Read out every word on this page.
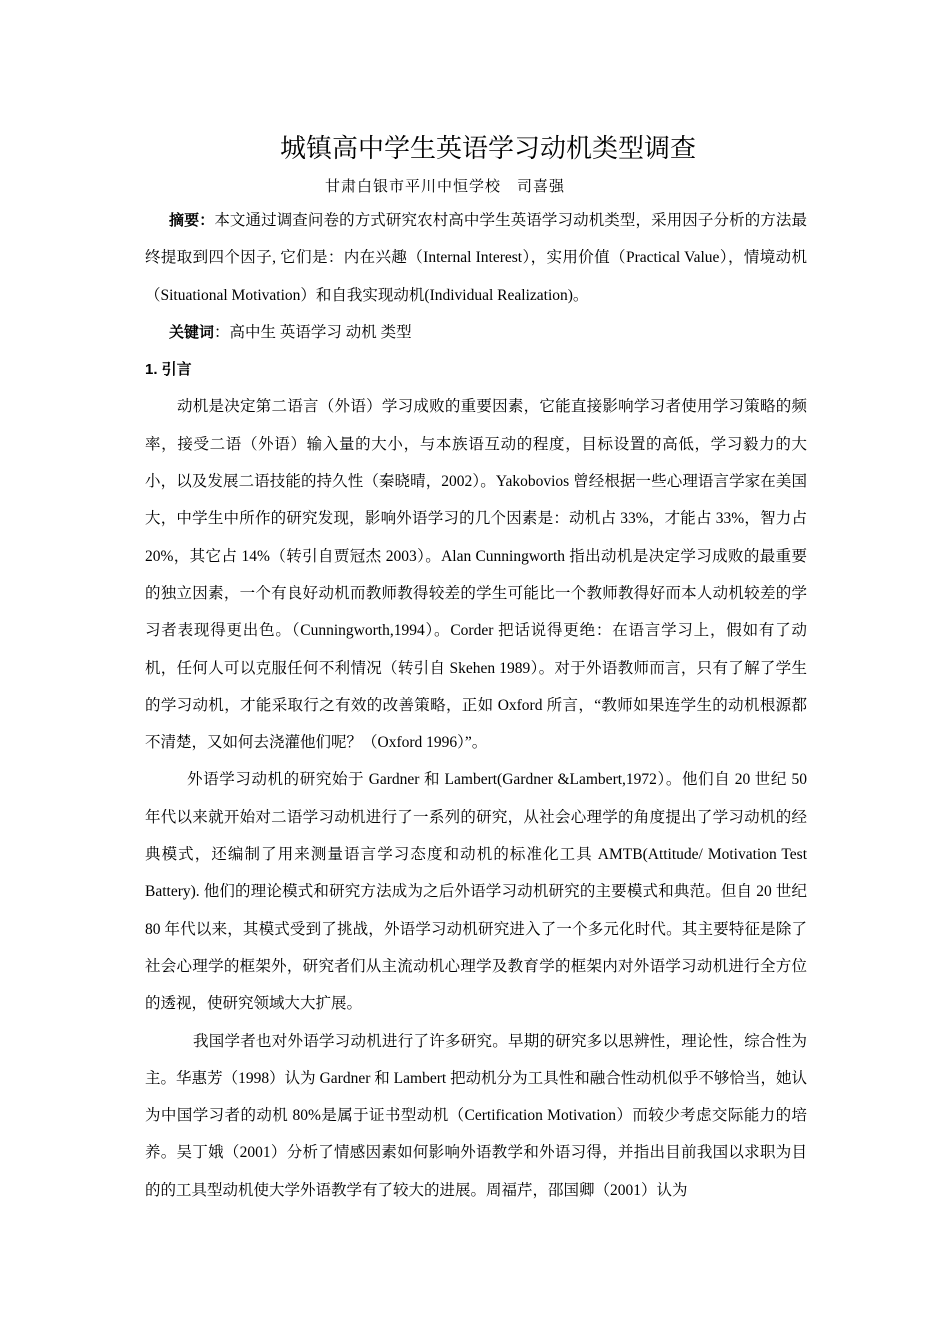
城镇高中学生英语学习动机类型调查
甘肃白银市平川中恒学校　司喜强

摘要：本文通过调查问卷的方式研究农村高中学生英语学习动机类型，采用因子分析的方法最终提取到四个因子, 它们是：内在兴趣（Internal Interest），实用价值（Practical Value），情境动机（Situational Motivation）和自我实现动机(Individual Realization)。

关键词：高中生 英语学习 动机 类型

1. 引言

动机是决定第二语言（外语）学习成败的重要因素，它能直接影响学习者使用学习策略的频率，接受二语（外语）输入量的大小，与本族语互动的程度，目标设置的高低，学习毅力的大小，以及发展二语技能的持久性（秦晓晴，2002）。Yakobovios 曾经根据一些心理语言学家在美国大，中学生中所作的研究发现，影响外语学习的几个因素是：动机占 33%，才能占 33%，智力占 20%，其它占 14%（转引自贾冠杰 2003）。Alan Cunningworth 指出动机是决定学习成败的最重要的独立因素，一个有良好动机而教师教得较差的学生可能比一个教师教得好而本人动机较差的学习者表现得更出色。（Cunningworth,1994）。Corder 把话说得更绝：在语言学习上，假如有了动机，任何人可以克服任何不利情况（转引自 Skehen 1989）。对于外语教师而言，只有了解了学生的学习动机，才能采取行之有效的改善策略，正如 Oxford 所言，“教师如果连学生的动机根源都不清楚，又如何去浇灌他们呢？（Oxford 1996）”。

外语学习动机的研究始于 Gardner 和 Lambert(Gardner &Lambert,1972）。他们自 20 世纪 50 年代以来就开始对二语学习动机进行了一系列的研究，从社会心理学的角度提出了学习动机的经典模式，还编制了用来测量语言学习态度和动机的标准化工具 AMTB(Attitude/ Motivation Test Battery). 他们的理论模式和研究方法成为之后外语学习动机研究的主要模式和典范。但自 20 世纪 80 年代以来，其模式受到了挑战，外语学习动机研究进入了一个多元化时代。其主要特征是除了社会心理学的框架外，研究者们从主流动机心理学及教育学的框架内对外语学习动机进行全方位的透视，使研究领域大大扩展。

我国学者也对外语学习动机进行了许多研究。早期的研究多以思辨性，理论性，综合性为主。华惠芳（1998）认为 Gardner 和 Lambert 把动机分为工具性和融合性动机似乎不够恰当，她认为中国学习者的动机 80%是属于证书型动机（Certification Motivation）而较少考虑交际能力的培养。吴丁娥（2001）分析了情感因素如何影响外语教学和外语习得，并指出目前我国以求职为目的的工具型动机使大学外语教学有了较大的进展。周福芹，邵国卿（2001）认为
